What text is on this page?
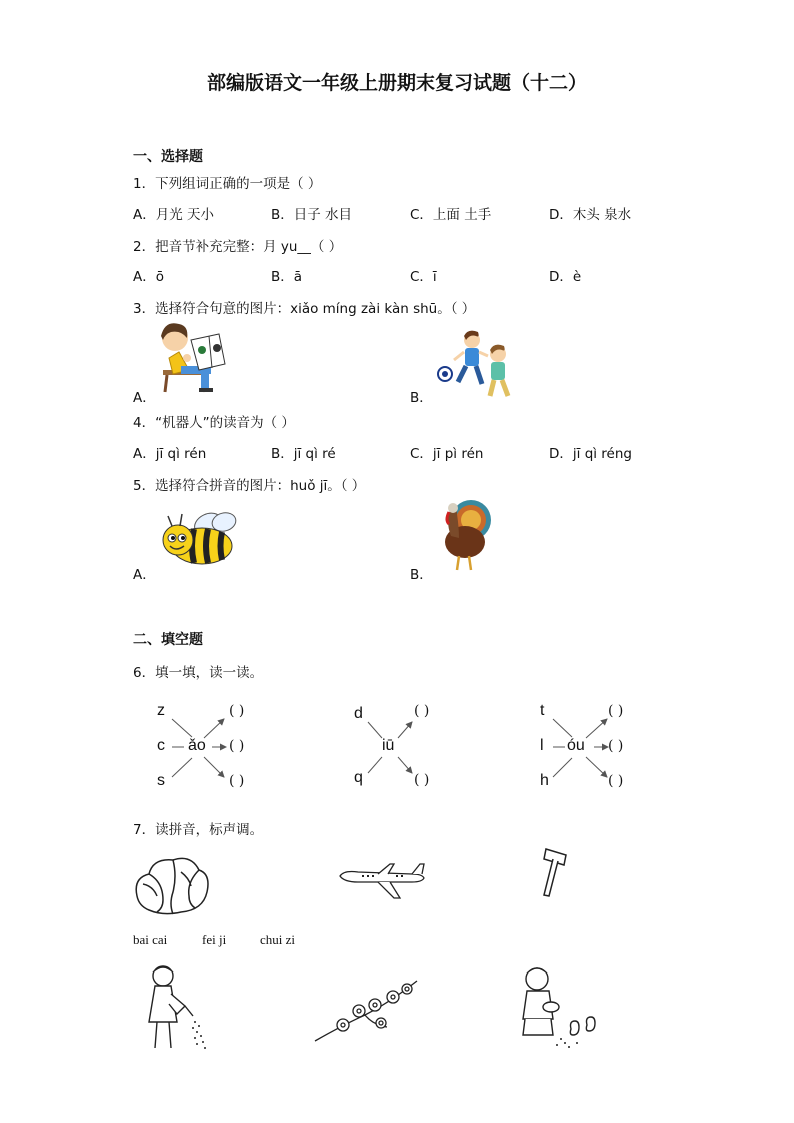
部编版语文一年级上册期末复习试题（十二）
一、选择题
1．下列组词正确的一项是（ ）
A．月光 天小	B．日子 水目	C．上面 土手	D．木头 泉水
2．把音节补充完整：月 yu__（ ）
A．ō	B．ā	C．ī	D．è
3．选择符合句意的图片：xiǎo míng zài kàn shū。（ ）
A．	B．
4．“机器人”的读音为（ ）
A．jī qì rén	B．jī qì ré	C．jī pì rén	D．jī qì réng
5．选择符合拼音的图片：huǒ jī。（ ）
A．	B．
二、填空题
6．填一填，读一读。
z
c
s
ǎo
( )
( )
( )
d
q
iū
( )
( )
t
l
h
óu
( )
( )
( )
7．读拼音，标声调。
bai cai	fei ji	chui zi
